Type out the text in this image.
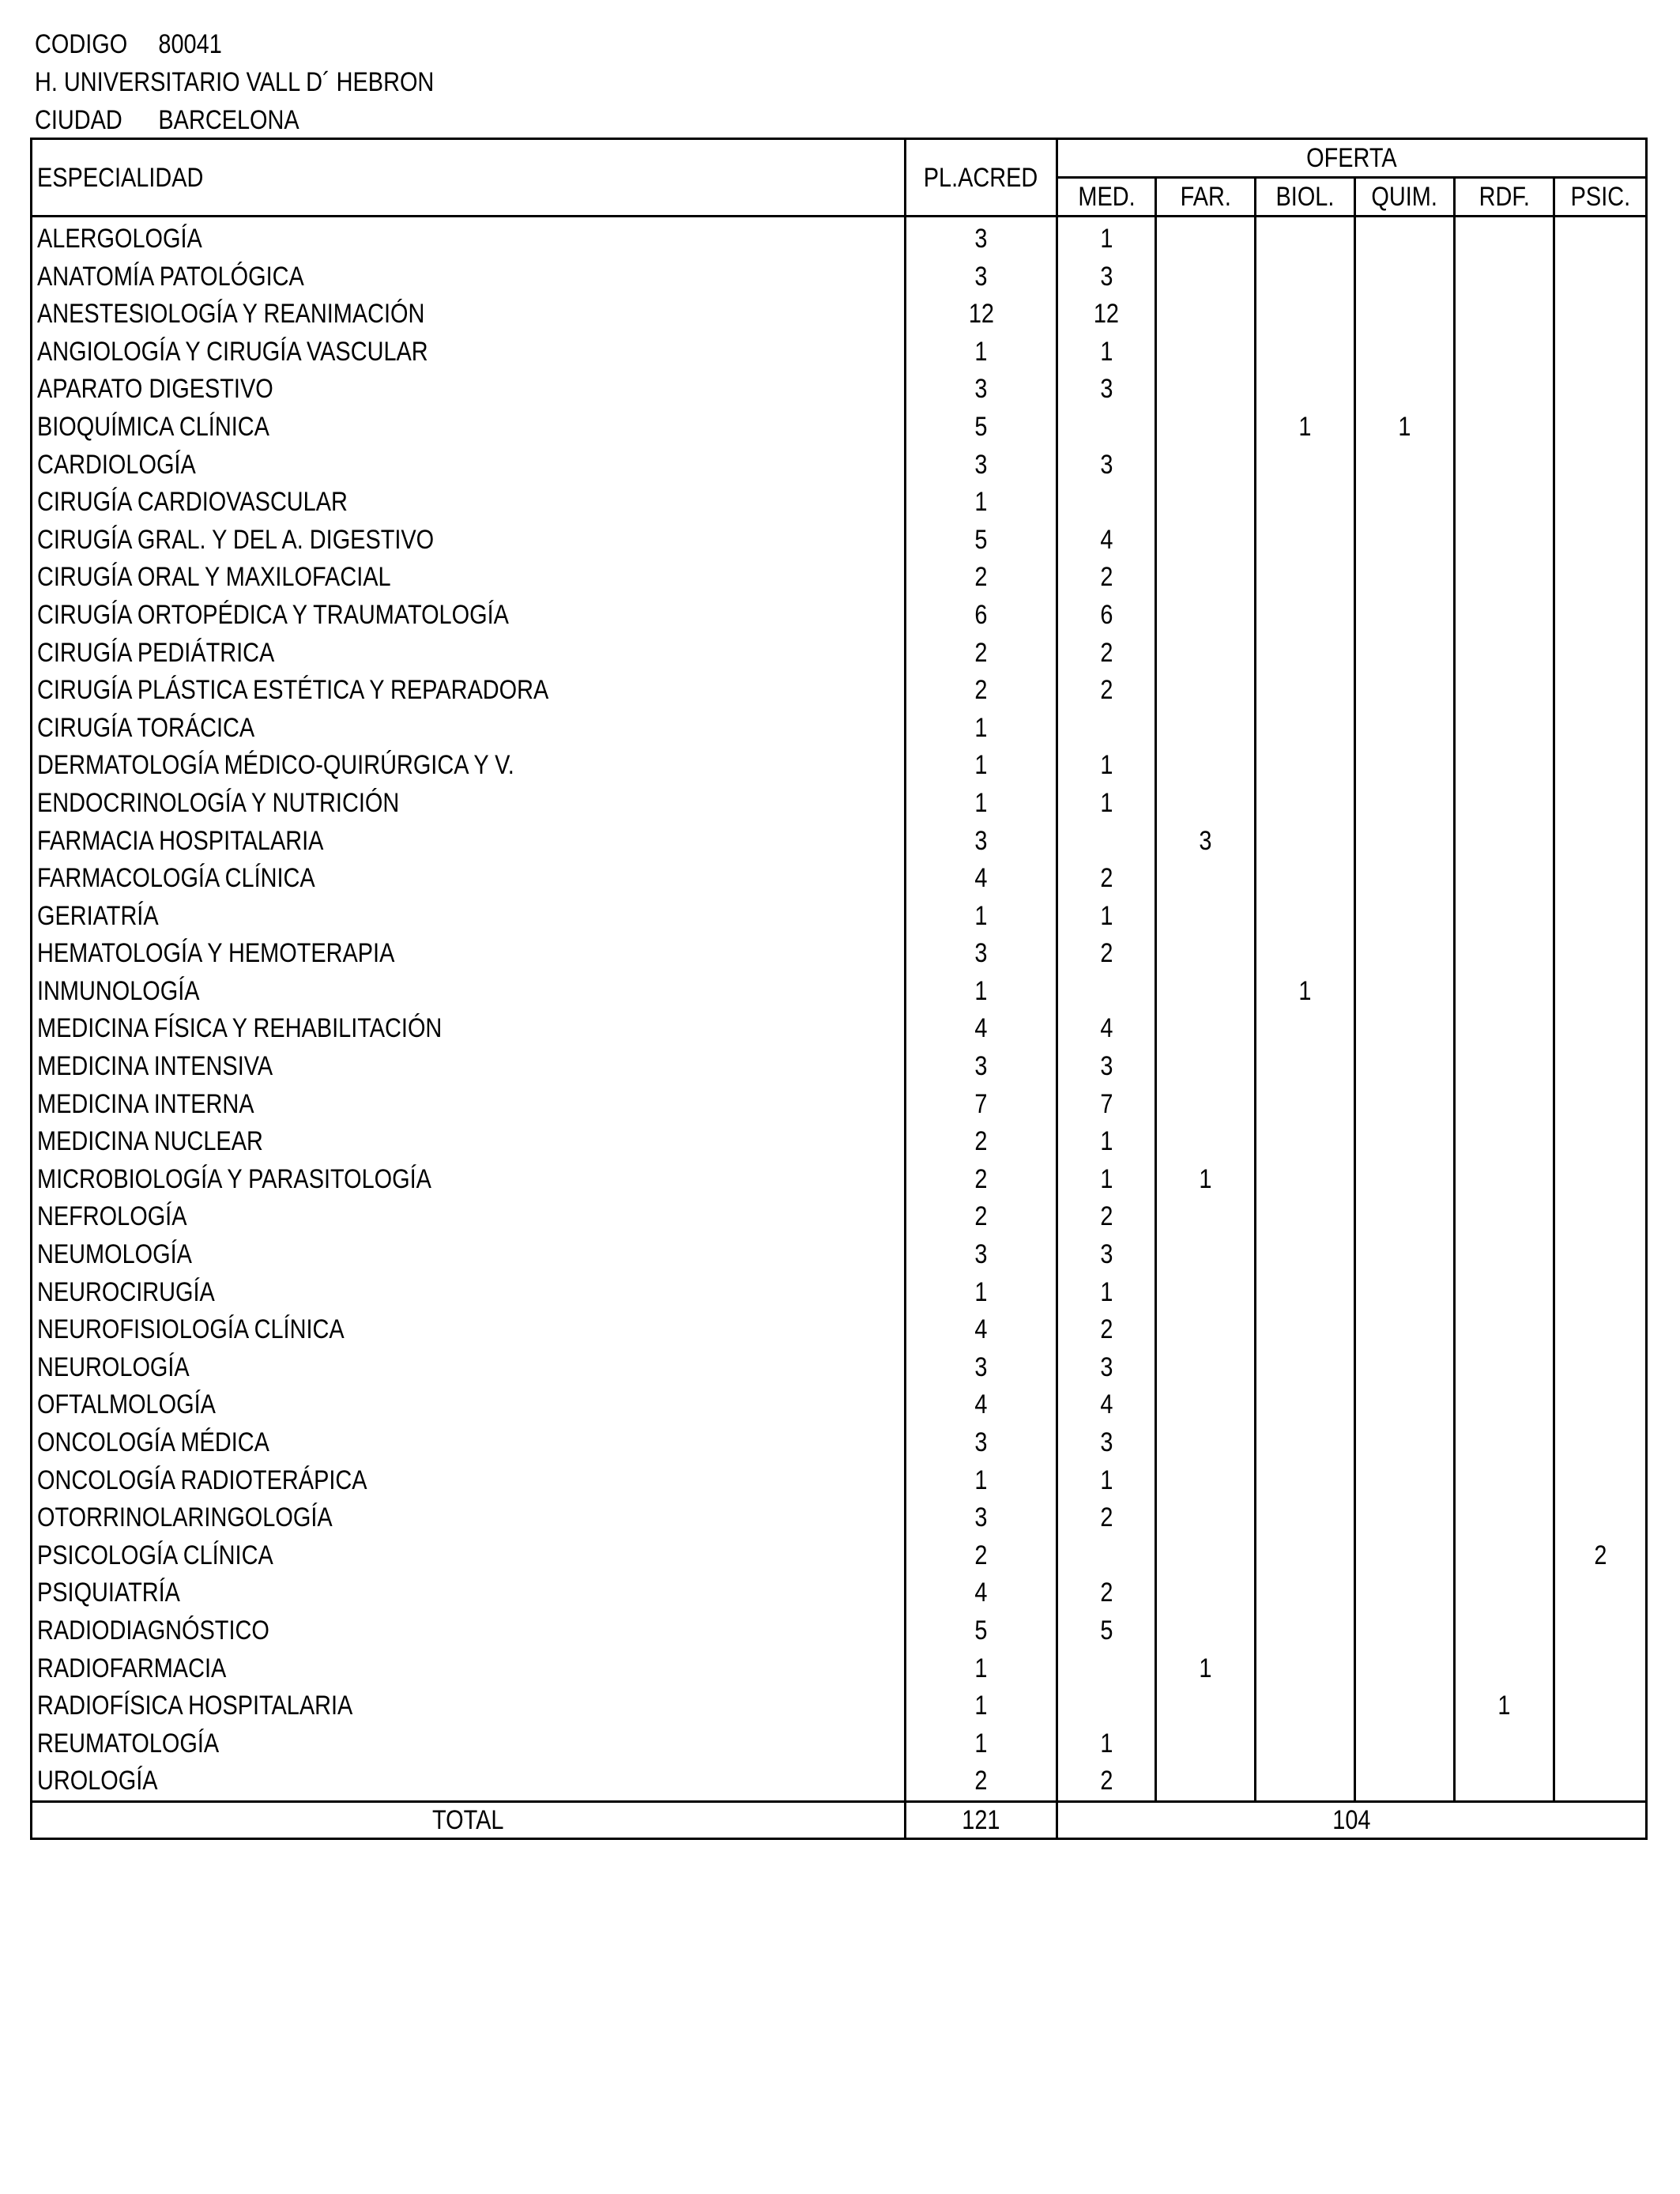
CODIGO 80041
H. UNIVERSITARIO VALL D´ HEBRON
CIUDAD BARCELONA
ESPECIALIDAD	PL.ACRED	OFERTA					
		MED.	FAR.	BIOL.	QUIM.	RDF.	PSIC.
ALERGOLOGÍA	3	1					
ANATOMÍA PATOLÓGICA	3	3					
ANESTESIOLOGÍA Y REANIMACIÓN	12	12					
ANGIOLOGÍA Y CIRUGÍA VASCULAR	1	1					
APARATO DIGESTIVO	3	3					
BIOQUÍMICA CLÍNICA	5			1	1		
CARDIOLOGÍA	3	3					
CIRUGÍA CARDIOVASCULAR	1						
CIRUGÍA GRAL. Y DEL A. DIGESTIVO	5	4					
CIRUGÍA ORAL Y MAXILOFACIAL	2	2					
CIRUGÍA ORTOPÉDICA Y TRAUMATOLOGÍA	6	6					
CIRUGÍA PEDIÁTRICA	2	2					
CIRUGÍA PLÁSTICA ESTÉTICA Y REPARADORA	2	2					
CIRUGÍA TORÁCICA	1						
DERMATOLOGÍA MÉDICO-QUIRÚRGICA Y V.	1	1					
ENDOCRINOLOGÍA Y NUTRICIÓN	1	1					
FARMACIA HOSPITALARIA	3		3				
FARMACOLOGÍA CLÍNICA	4	2					
GERIATRÍA	1	1					
HEMATOLOGÍA Y HEMOTERAPIA	3	2					
INMUNOLOGÍA	1			1			
MEDICINA FÍSICA Y REHABILITACIÓN	4	4					
MEDICINA INTENSIVA	3	3					
MEDICINA INTERNA	7	7					
MEDICINA NUCLEAR	2	1					
MICROBIOLOGÍA Y PARASITOLOGÍA	2	1	1				
NEFROLOGÍA	2	2					
NEUMOLOGÍA	3	3					
NEUROCIRUGÍA	1	1					
NEUROFISIOLOGÍA CLÍNICA	4	2					
NEUROLOGÍA	3	3					
OFTALMOLOGÍA	4	4					
ONCOLOGÍA MÉDICA	3	3					
ONCOLOGÍA RADIOTERÁPICA	1	1					
OTORRINOLARINGOLOGÍA	3	2					
PSICOLOGÍA CLÍNICA	2						2
PSIQUIATRÍA	4	2					
RADIODIAGNÓSTICO	5	5					
RADIOFARMACIA	1		1				
RADIOFÍSICA HOSPITALARIA	1					1	
REUMATOLOGÍA	1	1					
UROLOGÍA	2	2					
TOTAL	121	104					
